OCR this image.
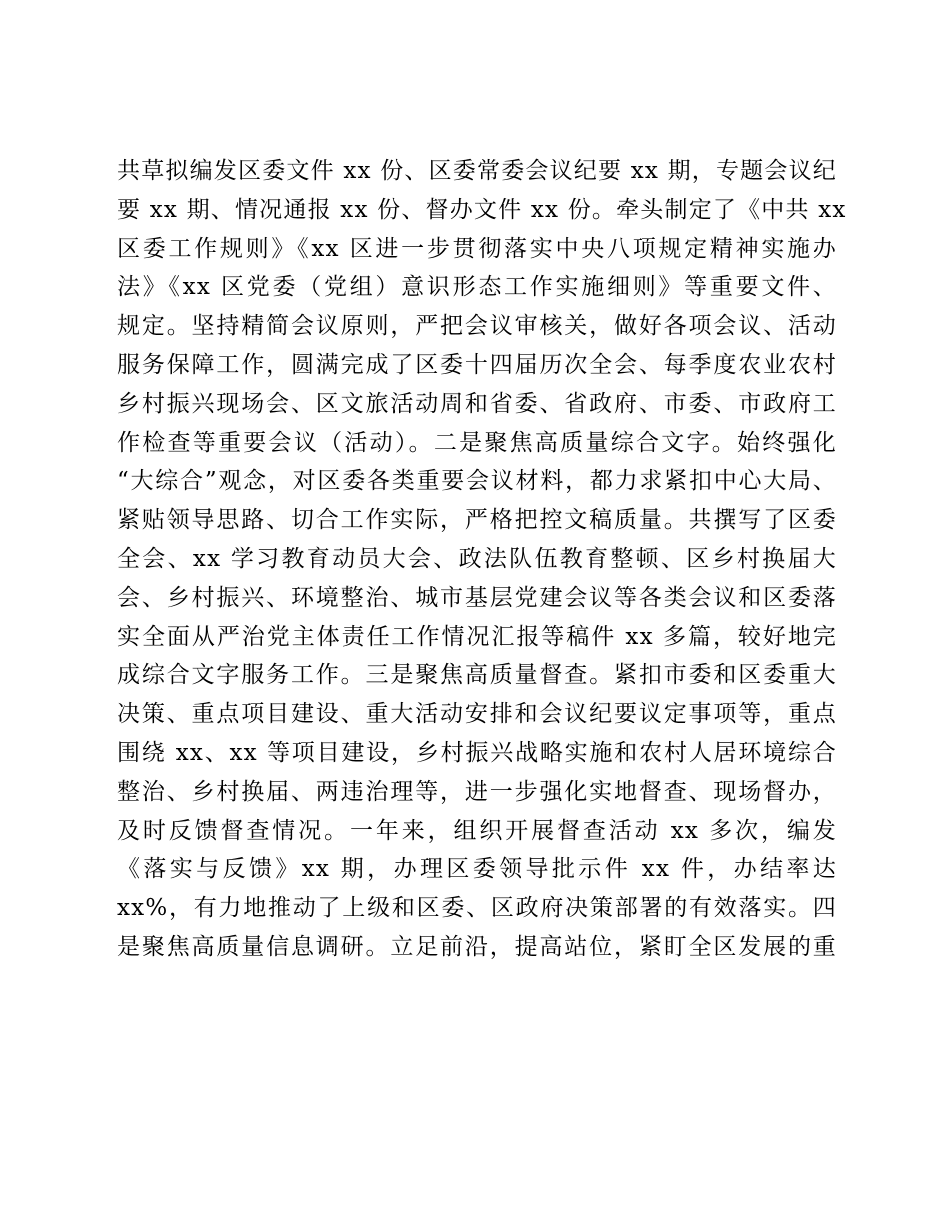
共草拟编发区委文件 xx 份、区委常委会议纪要 xx 期，专题会议纪
要 xx 期、情况通报 xx 份、督办文件 xx 份。牵头制定了《中共 xx
区委工作规则》《xx 区进一步贯彻落实中央八项规定精神实施办
法》《xx 区党委（党组）意识形态工作实施细则》等重要文件、
规定。坚持精简会议原则，严把会议审核关，做好各项会议、活动
服务保障工作，圆满完成了区委十四届历次全会、每季度农业农村
乡村振兴现场会、区文旅活动周和省委、省政府、市委、市政府工
作检查等重要会议（活动）。二是聚焦高质量综合文字。始终强化
“大综合”观念，对区委各类重要会议材料，都力求紧扣中心大局、
紧贴领导思路、切合工作实际，严格把控文稿质量。共撰写了区委
全会、xx 学习教育动员大会、政法队伍教育整顿、区乡村换届大
会、乡村振兴、环境整治、城市基层党建会议等各类会议和区委落
实全面从严治党主体责任工作情况汇报等稿件 xx 多篇，较好地完
成综合文字服务工作。三是聚焦高质量督查。紧扣市委和区委重大
决策、重点项目建设、重大活动安排和会议纪要议定事项等，重点
围绕 xx、xx 等项目建设，乡村振兴战略实施和农村人居环境综合
整治、乡村换届、两违治理等，进一步强化实地督查、现场督办，
及时反馈督查情况。一年来，组织开展督查活动 xx 多次，编发
《落实与反馈》xx 期，办理区委领导批示件 xx 件，办结率达
xx%，有力地推动了上级和区委、区政府决策部署的有效落实。四
是聚焦高质量信息调研。立足前沿，提高站位，紧盯全区发展的重
